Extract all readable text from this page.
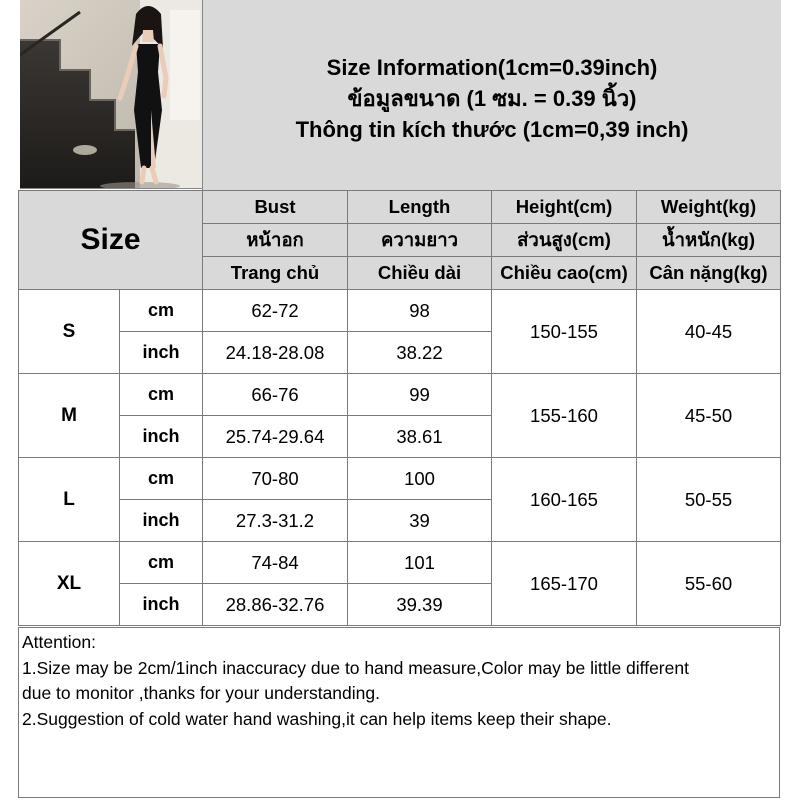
Size Information(1cm=0.39inch)
ข้อมูลขนาด (1 ซม. = 0.39 นิ้ว)
Thông tin kích thước (1cm=0,39 inch)
Size		Bust	Length	Height(cm)	Weight(kg)
		หน้าอก	ความยาว	ส่วนสูง(cm)	น้ำหนัก(kg)
		Trang chủ	Chiều dài	Chiều cao(cm)	Cân nặng(kg)
S	cm	62-72	98	150-155	40-45
	inch	24.18-28.08	38.22		
M	cm	66-76	99	155-160	45-50
	inch	25.74-29.64	38.61		
L	cm	70-80	100	160-165	50-55
	inch	27.3-31.2	39		
XL	cm	74-84	101	165-170	55-60
	inch	28.86-32.76	39.39		
Attention:
1.Size may be 2cm/1inch inaccuracy due to hand measure,Color may be little different
due to monitor ,thanks for your understanding.
2.Suggestion of cold water hand washing,it can help items keep their shape.
